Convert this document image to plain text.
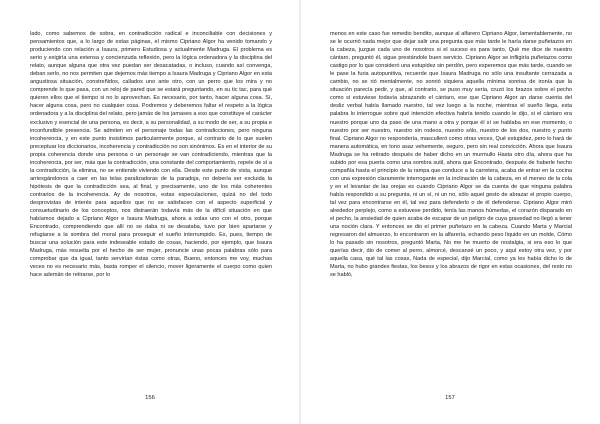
lado, como sabemos de sobra, en contradicción radical e inconciliable con decisiones y pensamientos que, a lo largo de estas páginas, el mismo Cipriano Algor ha venido tomando y produciendo con relación a Isaura, primero Estudiosa y actualmente Madruga. El problema es serio y exigiría una extensa y concienzuda reflexión, pero la lógica ordenadora y la disciplina del relato, aunque alguna que otra vez puedan ser desacatadas, o incluso, cuando así convenga, deban serlo, no nos permiten que dejemos más tiempo a Isaura Madruga y Cipriano Algor en esta angustiosa situación, constreñidos, callados uno ante otro, con un perro que los mira y no comprende lo que pasa, con un reloj de pared que se estará preguntando, en su tic tac, para qué quieren ellos que el tiempo si no lo aprovechan. Es necesario, por tanto, hacer alguna cosa. Sí, hacer alguna cosa, pero no cualquier cosa. Podremos y deberemos faltar el respeto a la lógica ordenadora y a la disciplina del relato, pero jamás de los jamases a eso que constituye el carácter exclusivo y esencial de una persona, es decir, a su personalidad, a su modo de ser, a su propia e inconfundible presencia. Se admiten en el personaje todas las contradicciones, pero ninguna incoherencia, y en este punto insistimos particularmente porque, al contrario de lo que suelen preceptuar los diccionarios, incoherencia y contradicción no son sinónimos. Es en el interior de su propia coherencia donde una persona o un personaje se van contradiciendo, mientras que la incoherencia, por ser, más que la contradicción, una constante del comportamiento, repele de sí a la contradicción, la elimina, no se entiende viviendo con ella. Desde este punto de vista, aunque arriesgándonos a caer en las telas paralizadoras de la paradoja, no debería ser excluida la hipótesis de que la contradicción sea, al final, y precisamente, uno de los más coherentes contrarios de la incoherencia. Ay de nosotros, estas especulaciones, quizá no del todo desprovistas de interés para aquellos que no se satisfacen con el aspecto superficial y consuetudinario de los conceptos, nos distraerán todavía más de la difícil situación en que habíamos dejado a Cipriano Algor e Isaura Madruga, ahora a solas uno con el otro, porque Encontrado, comprendiendo que allí no se daba ni se desataba, tuvo por bien apartarse y refugiarse a la sombra del moral para proseguir el sueño interrumpido. Es, pues, tiempo de buscar una solución para este indeseable estado de cosas, haciendo, por ejemplo, que Isaura Madruga, más resuelta por el hecho de ser mujer, pronuncie unas pocas palabras sólo para comprobar que da igual, tanto servirían éstas como otras, Bueno, entonces me voy, muchas veces no es necesario más, basta romper el silencio, mover ligeramente el cuerpo como quien hace ademán de retirarse, por lo

156

menos en este caso fue remedio bendito, aunque al alfarero Cipriano Algor, lamentablemente, no se le ocurrió nada mejor que dejar salir una pregunta que más tarde le haría darse puñetazos en la cabeza, juzgue cada uno de nosotros si el suceso es para tanto, Qué me dice de nuestro cántaro, preguntó él, sigue prestándole buen servicio. Cipriano Algor se infligiría puñetazos como castigo por lo que consideró una estupidez sin perdón, pero esperemos que más tarde, cuando se le pase la furia autopunitiva, recuerde que Isaura Madruga no sólo una insultante cerrazada a cambio, no se rió mentalmente, no sonrió siquiera aquella mínima sonrisa de ironía que la situación parecía pedir, y que, al contrario, se puso muy seria, cruzó los brazos sobre el pecho como si estuviese todavía abrazando el cántaro, ese que Cipriano Algor an darse cuenta del desliz verbal había llamado nuestro, tal vez luego a la noche, mientras el sueño llega, esta palabra lo interrogue sobre qué intención efectiva habría tenido cuando le dijo, si el cántaro era nuestro porque uno da paso de una mano a otra y porque él sí se hablaba en ese momento, o nuestro por ser nuestro, nuestro sin rodeos, nuestro sólo, nuestro de los dos, nuestro y punto final. Cipriano Algor no respondería, masculleró como otras veces, Qué estupidez, pero lo hará de manera automática, en tono asaz vehemente, seguro, pero sin real convicción. Ahora que Isaura Madruga se ha retirado después de haber dicho en un murmullo Hasta otro día, ahora que ha subido por esa puerta como una sombra sutil, ahora que Encontrado, después de haberle hecho compañía hasta el principio de la rampa que conduce a la carretera, acaba de entrar en la cocina con una expresión claramente interrogante en la inclinación de la cabeza, en el meneo de la cola y en el levantar de las orejas es cuando Cipriano Algor se da cuenta de que ninguna palabra había respondido a su pregunta, ni un sí, ni un no, sólo aquel gesto de abrazar el propio cuerpo, tal vez para encontrarse en él, tal vez para defenderlo o de él defenderse. Cipriano Algor miró alrededor perplejo, como a estuvese perdido, tenía las manos húmedas, el corazón disparado en el pecho, la ansiedad de quien acaba de escapar de un peligro de cuya gravedad no llegó a tener una noción clara. Y entonces se dio el primer puñetazo en la cabeza. Cuando Marta y Marcial regresaron del almuerzo, lo encontraron en la alfarería, echando peso líquido en un molde, Cómo lo ha pasado sin nosotros, preguntó Marta, No me he muerto de nostalgia, si era eso lo que querías decir, dio de comer al perro, almorcé, descansé un poco, y aquí estoy otra vez, y por aquella casa, qué tal las cosas, Nada de especial, dijo Marcial, como ya les había dicho lo de Marta, no hubo grandes fiestas, los besos y los abrazos de rigor en estas ocasiones, del resto no se habló,

157
